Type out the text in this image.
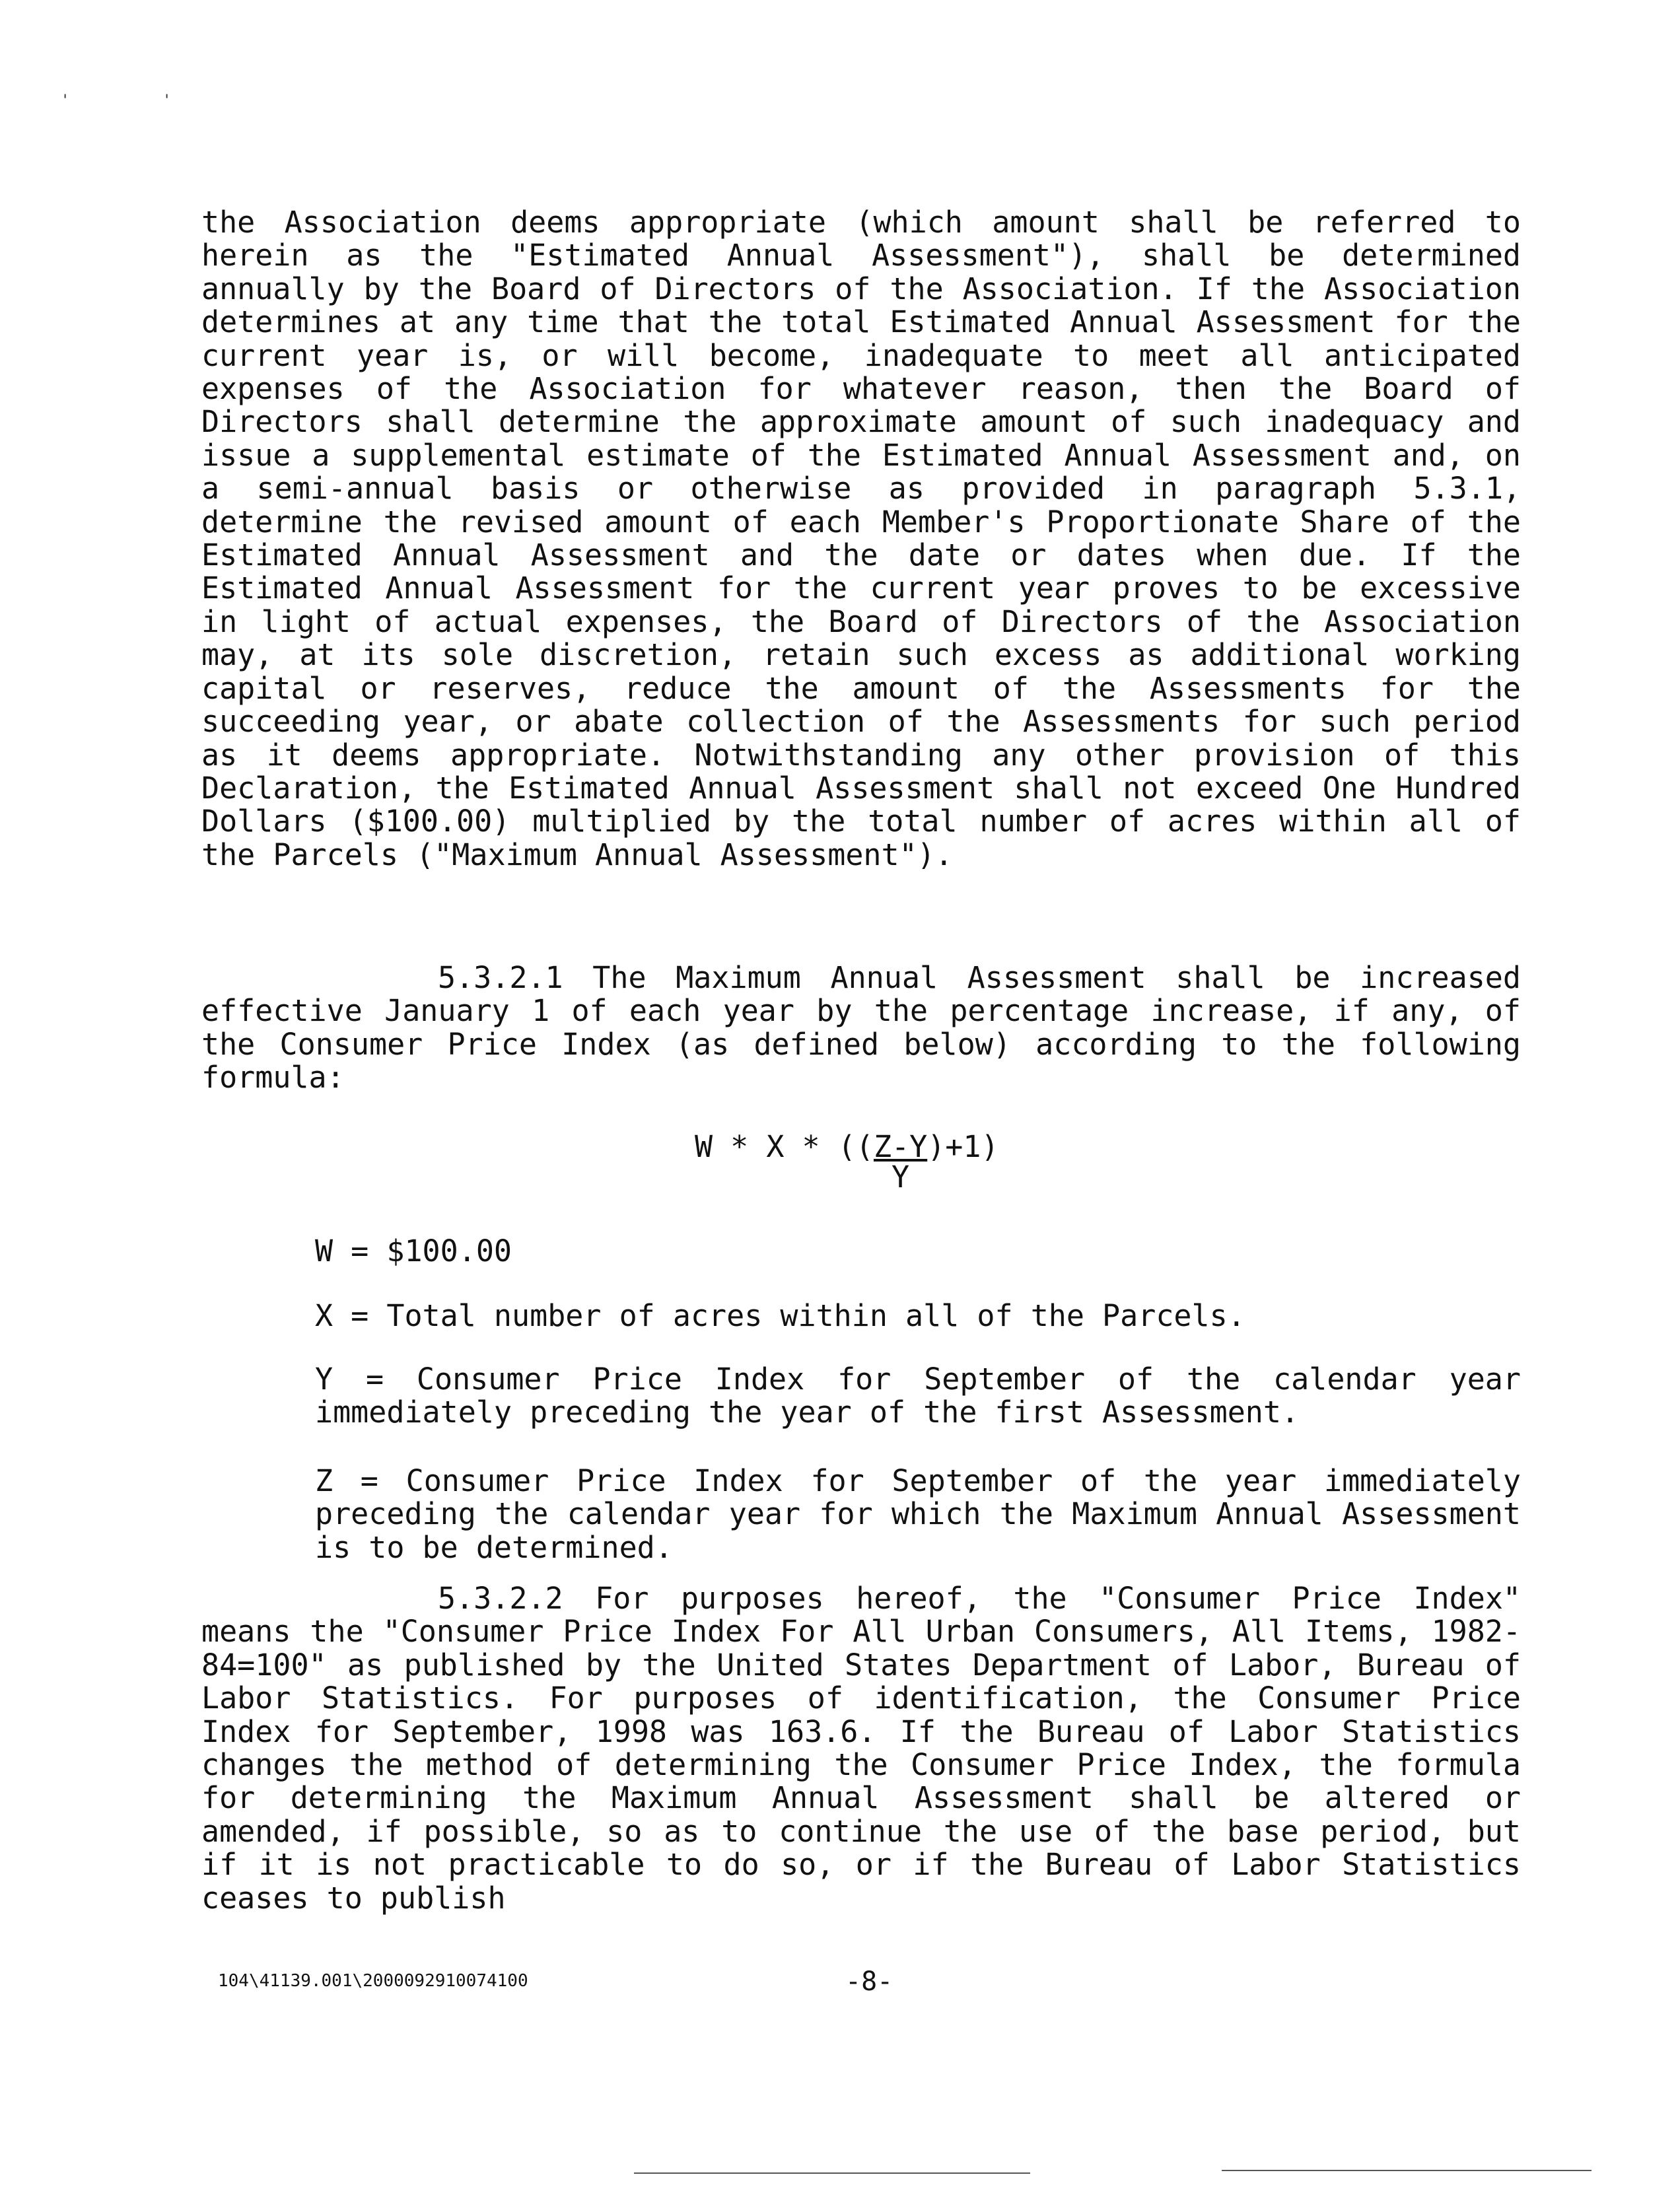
'	'

the Association deems appropriate (which amount shall be referred to herein as the "Estimated Annual Assessment"), shall be determined annually by the Board of Directors of the Association. If the Association determines at any time that the total Estimated Annual Assessment for the current year is, or will become, inadequate to meet all anticipated expenses of the Association for whatever reason, then the Board of Directors shall determine the approximate amount of such inadequacy and issue a supplemental estimate of the Estimated Annual Assessment and, on a semi-annual basis or otherwise as provided in paragraph 5.3.1, determine the revised amount of each Member's Proportionate Share of the Estimated Annual Assessment and the date or dates when due. If the Estimated Annual Assessment for the current year proves to be excessive in light of actual expenses, the Board of Directors of the Association may, at its sole discretion, retain such excess as additional working capital or reserves, reduce the amount of the Assessments for the succeeding year, or abate collection of the Assessments for such period as it deems appropriate. Notwithstanding any other provision of this Declaration, the Estimated Annual Assessment shall not exceed One Hundred Dollars ($100.00) multiplied by the total number of acres within all of the Parcels ("Maximum Annual Assessment").

5.3.2.1 The Maximum Annual Assessment shall be increased effective January 1 of each year by the percentage increase, if any, of the Consumer Price Index (as defined below) according to the following formula:

$W * X * ((\frac{Z-Y}{Y} )+1)$

W = $100.00

X = Total number of acres within all of the Parcels.

Y = Consumer Price Index for September of the calendar year immediately preceding the year of the first Assessment.

Z = Consumer Price Index for September of the year immediately preceding the calendar year for which the Maximum Annual Assessment is to be determined.

5.3.2.2 For purposes hereof, the "Consumer Price Index" means the "Consumer Price Index For All Urban Consumers, All Items, 1982-84=100" as published by the United States Department of Labor, Bureau of Labor Statistics. For purposes of identification, the Consumer Price Index for September, 1998 was 163.6. If the Bureau of Labor Statistics changes the method of determining the Consumer Price Index, the formula for determining the Maximum Annual Assessment shall be altered or amended, if possible, so as to continue the use of the base period, but if it is not practicable to do so, or if the Bureau of Labor Statistics ceases to publish

104\41139.001\2000092910074100	-8-
